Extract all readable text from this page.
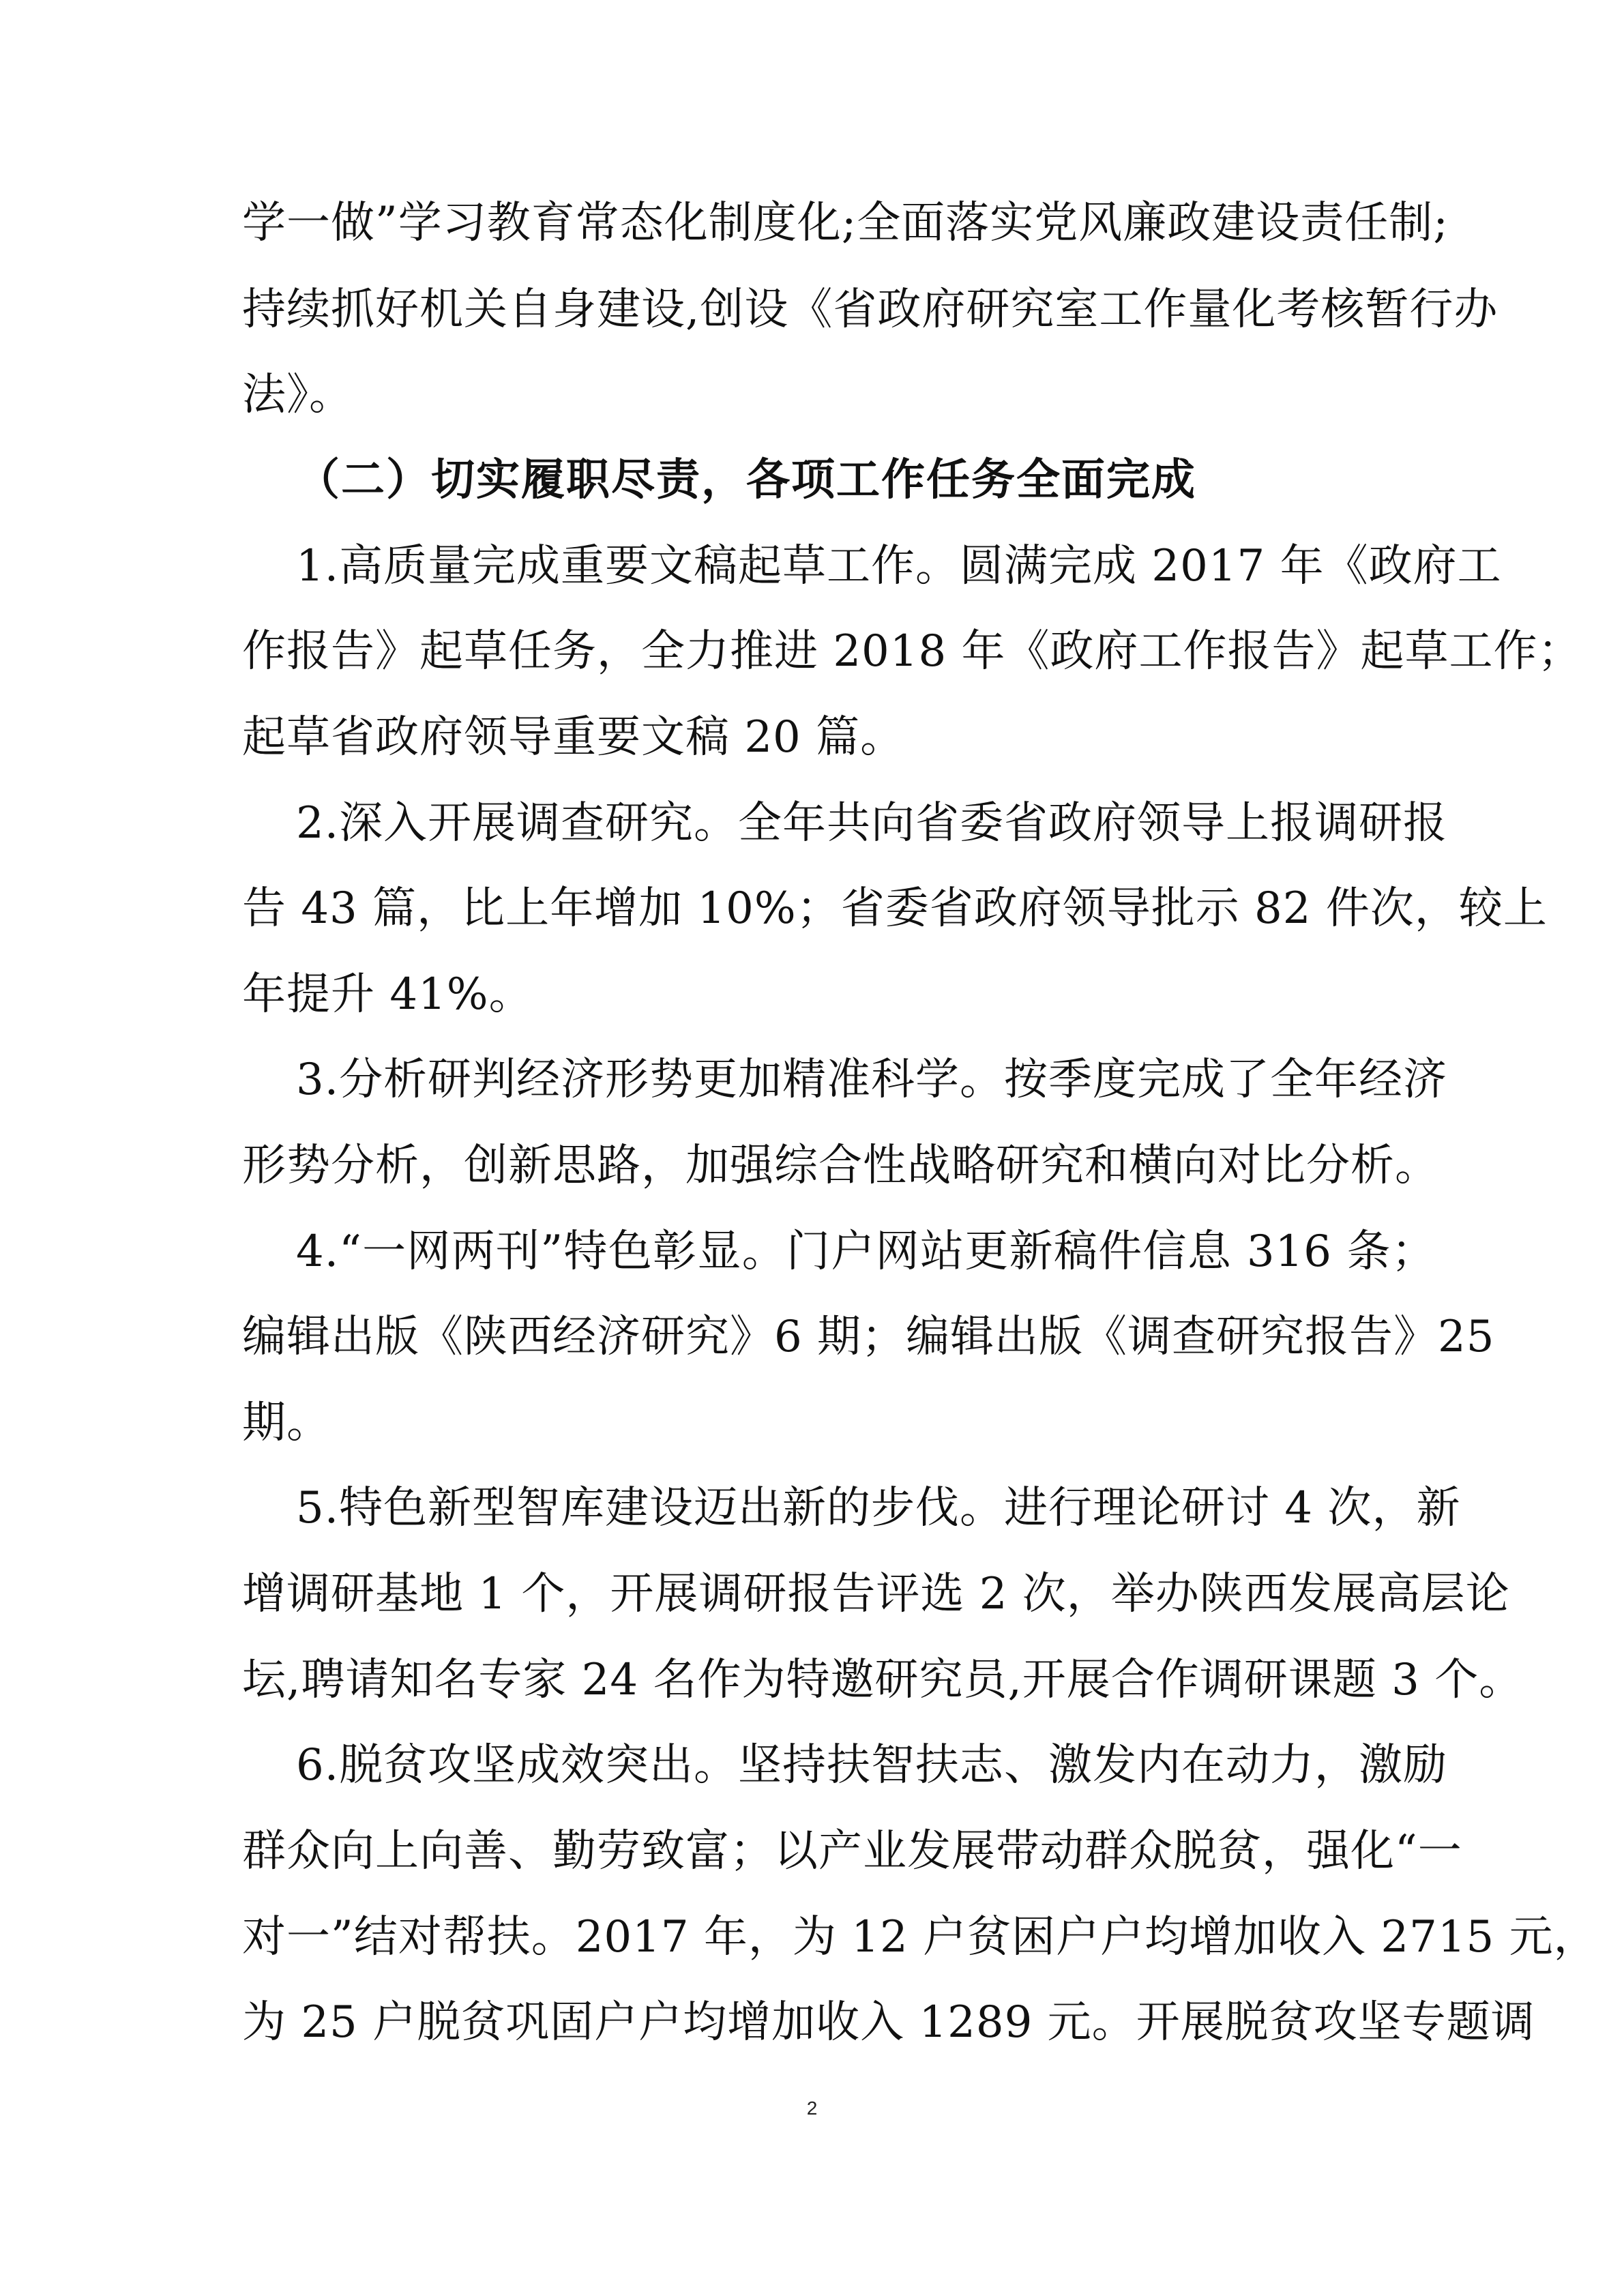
学一做”学习教育常态化制度化;全面落实党风廉政建设责任制;
持续抓好机关自身建设,创设《省政府研究室工作量化考核暂行办
法》。
（二）切实履职尽责，各项工作任务全面完成
1.高质量完成重要文稿起草工作。圆满完成 2017 年《政府工
作报告》起草任务，全力推进 2018 年《政府工作报告》起草工作；
起草省政府领导重要文稿 20 篇。
2.深入开展调查研究。全年共向省委省政府领导上报调研报
告 43 篇，比上年增加 10%；省委省政府领导批示 82 件次，较上
年提升 41%。
3.分析研判经济形势更加精准科学。按季度完成了全年经济
形势分析，创新思路，加强综合性战略研究和横向对比分析。
4.“一网两刊”特色彰显。门户网站更新稿件信息 316 条；
编辑出版《陕西经济研究》6 期；编辑出版《调查研究报告》25
期。
5.特色新型智库建设迈出新的步伐。进行理论研讨 4 次，新
增调研基地 1 个，开展调研报告评选 2 次，举办陕西发展高层论
坛,聘请知名专家 24 名作为特邀研究员,开展合作调研课题 3 个。
6.脱贫攻坚成效突出。坚持扶智扶志、激发内在动力，激励
群众向上向善、勤劳致富；以产业发展带动群众脱贫，强化“一
对一”结对帮扶。2017 年，为 12 户贫困户户均增加收入 2715 元，
为 25 户脱贫巩固户户均增加收入 1289 元。开展脱贫攻坚专题调
2
